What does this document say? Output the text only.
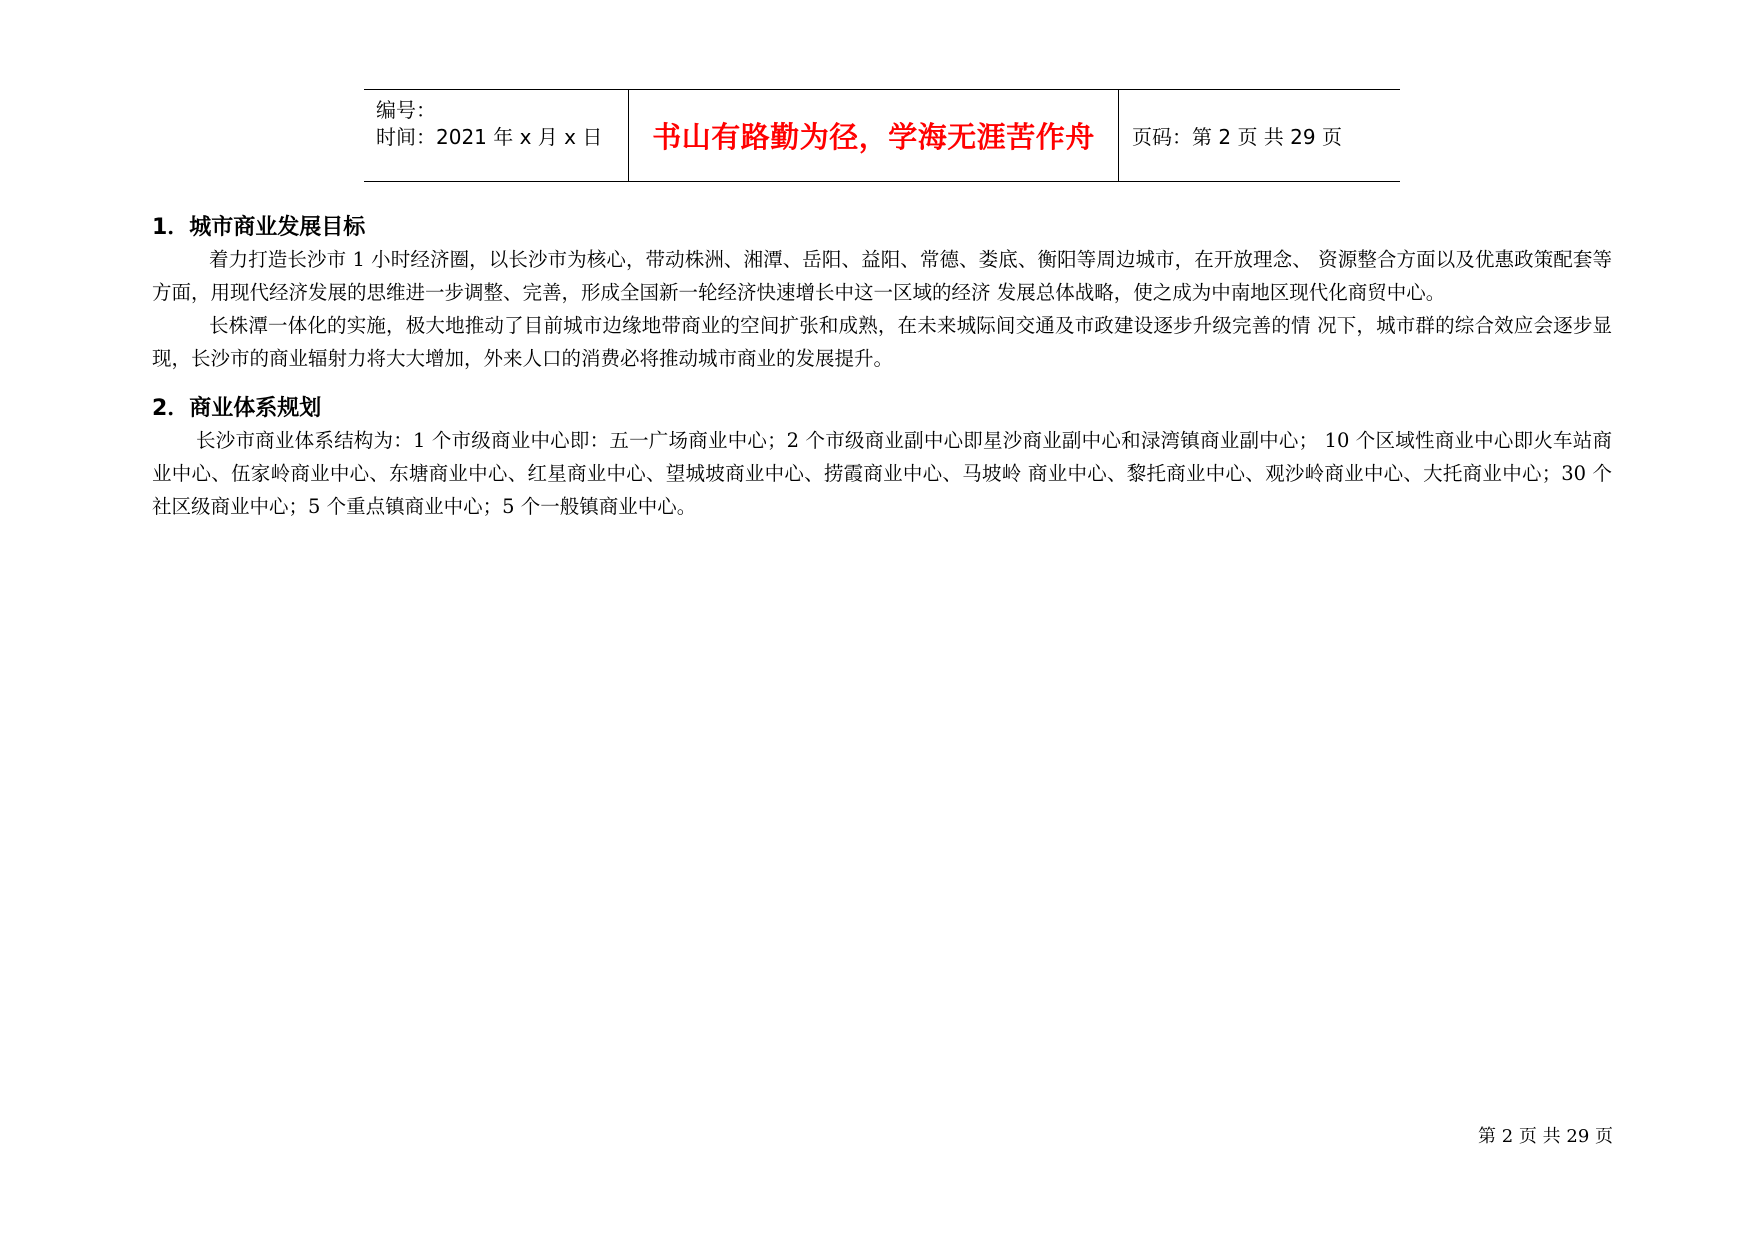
编号：
时间：2021 年 x 月 x 日 书山有路勤为径，学海无涯苦作舟 页码：第 2 页 共 29 页
1．城市商业发展目标

着力打造长沙市 1 小时经济圈，以长沙市为核心，带动株洲、湘潭、岳阳、益阳、常德、娄底、衡阳等周边城市，在开放理念、 资源整合方面以及优惠政策配套等方面，用现代经济发展的思维进一步调整、完善，形成全国新一轮经济快速增长中这一区域的经济 发展总体战略，使之成为中南地区现代化商贸中心。

长株潭一体化的实施，极大地推动了目前城市边缘地带商业的空间扩张和成熟，在未来城际间交通及市政建设逐步升级完善的情 况下，城市群的综合效应会逐步显现，长沙市的商业辐射力将大大增加，外来人口的消费必将推动城市商业的发展提升。

2．商业体系规划

长沙市商业体系结构为：1 个市级商业中心即：五一广场商业中心；2 个市级商业副中心即星沙商业副中心和渌湾镇商业副中心； 10 个区域性商业中心即火车站商业中心、伍家岭商业中心、东塘商业中心、红星商业中心、望城坡商业中心、捞霞商业中心、马坡岭 商业中心、黎托商业中心、观沙岭商业中心、大托商业中心；30 个社区级商业中心；5 个重点镇商业中心；5 个一般镇商业中心。

第 2 页 共 29 页
